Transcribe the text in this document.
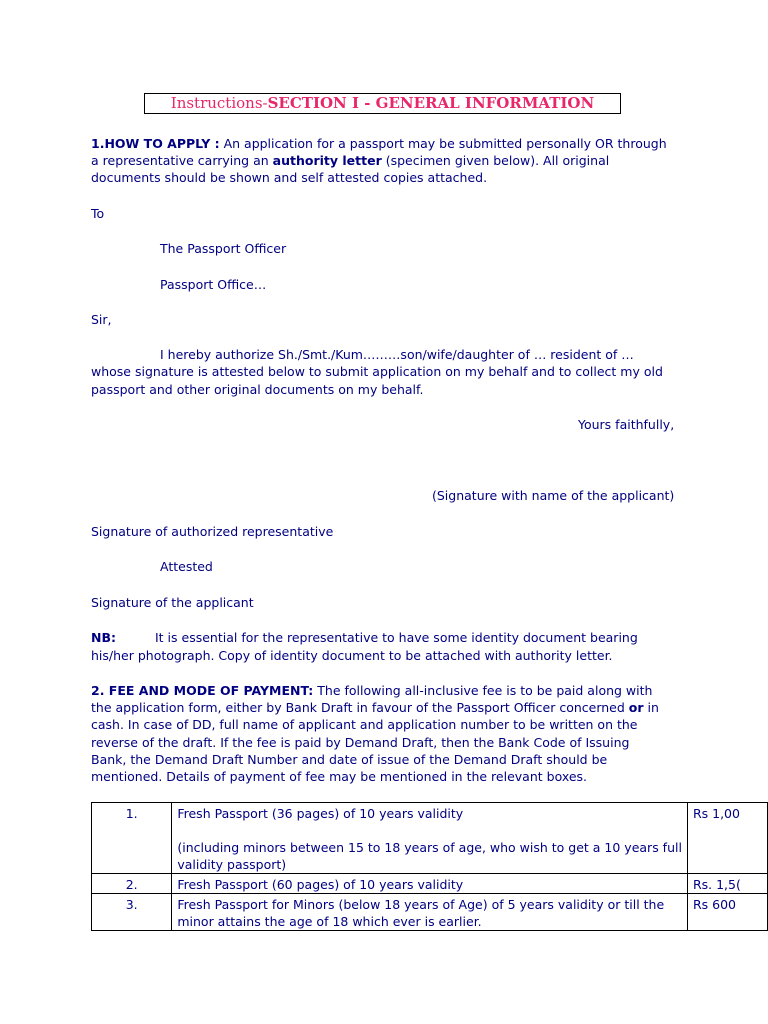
Instructions-SECTION I - GENERAL INFORMATION
1.HOW TO APPLY : An application for a passport may be submitted personally OR through
a representative carrying an authority letter (specimen given below). All original
documents should be shown and self attested copies attached.
To
The Passport Officer
Passport Office…
Sir,
I hereby authorize Sh./Smt./Kum………son/wife/daughter of … resident of …
whose signature is attested below to submit application on my behalf and to collect my old
passport and other original documents on my behalf.
Yours faithfully,
(Signature with name of the applicant)
Signature of authorized representative
Attested
Signature of the applicant
NB:	It is essential for the representative to have some identity document bearing
his/her photograph. Copy of identity document to be attached with authority letter.
2. FEE AND MODE OF PAYMENT: The following all-inclusive fee is to be paid along with
the application form, either by Bank Draft in favour of the Passport Officer concerned or in
cash. In case of DD, full name of applicant and application number to be written on the
reverse of the draft. If the fee is paid by Demand Draft, then the Bank Code of Issuing
Bank, the Demand Draft Number and date of issue of the Demand Draft should be
mentioned. Details of payment of fee may be mentioned in the relevant boxes.
1.	Fresh Passport (36 pages) of 10 years validity
(including minors between 15 to 18 years of age, who wish to get a 10 years full
validity passport)	Rs 1,00
2.	Fresh Passport (60 pages) of 10 years validity	Rs. 1,5(
3.	Fresh Passport for Minors (below 18 years of Age) of 5 years validity or till the
minor attains the age of 18 which ever is earlier.	Rs 600
